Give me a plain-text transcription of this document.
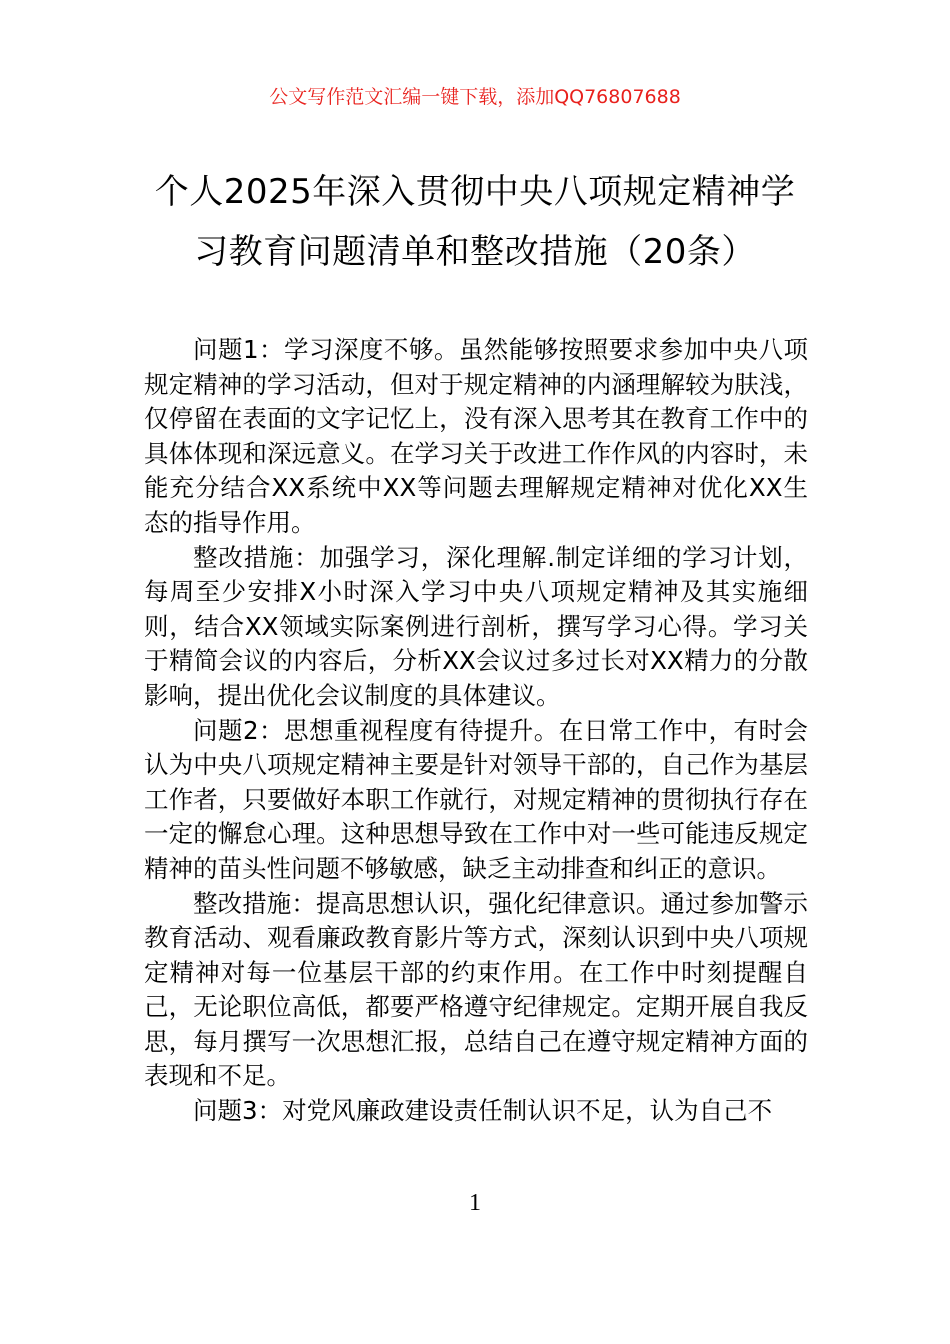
公文写作范文汇编一键下载，添加QQ76807688
个人2025年深入贯彻中央八项规定精神学
习教育问题清单和整改措施（20条）

问题1：学习深度不够。虽然能够按照要求参加中央八项规定精神的学习活动，但对于规定精神的内涵理解较为肤浅，仅停留在表面的文字记忆上，没有深入思考其在教育工作中的具体体现和深远意义。在学习关于改进工作作风的内容时，未能充分结合XX系统中XX等问题去理解规定精神对优化XX生态的指导作用。

整改措施：加强学习，深化理解.制定详细的学习计划，每周至少安排X小时深入学习中央八项规定精神及其实施细则，结合XX领域实际案例进行剖析，撰写学习心得。学习关于精简会议的内容后，分析XX会议过多过长对XX精力的分散影响，提出优化会议制度的具体建议。

问题2：思想重视程度有待提升。在日常工作中，有时会认为中央八项规定精神主要是针对领导干部的，自己作为基层工作者，只要做好本职工作就行，对规定精神的贯彻执行存在一定的懈怠心理。这种思想导致在工作中对一些可能违反规定精神的苗头性问题不够敏感，缺乏主动排查和纠正的意识。

整改措施：提高思想认识，强化纪律意识。通过参加警示教育活动、观看廉政教育影片等方式，深刻认识到中央八项规定精神对每一位基层干部的约束作用。在工作中时刻提醒自己，无论职位高低，都要严格遵守纪律规定。定期开展自我反思，每月撰写一次思想汇报，总结自己在遵守规定精神方面的表现和不足。

问题3：对党风廉政建设责任制认识不足，认为自己不

1
